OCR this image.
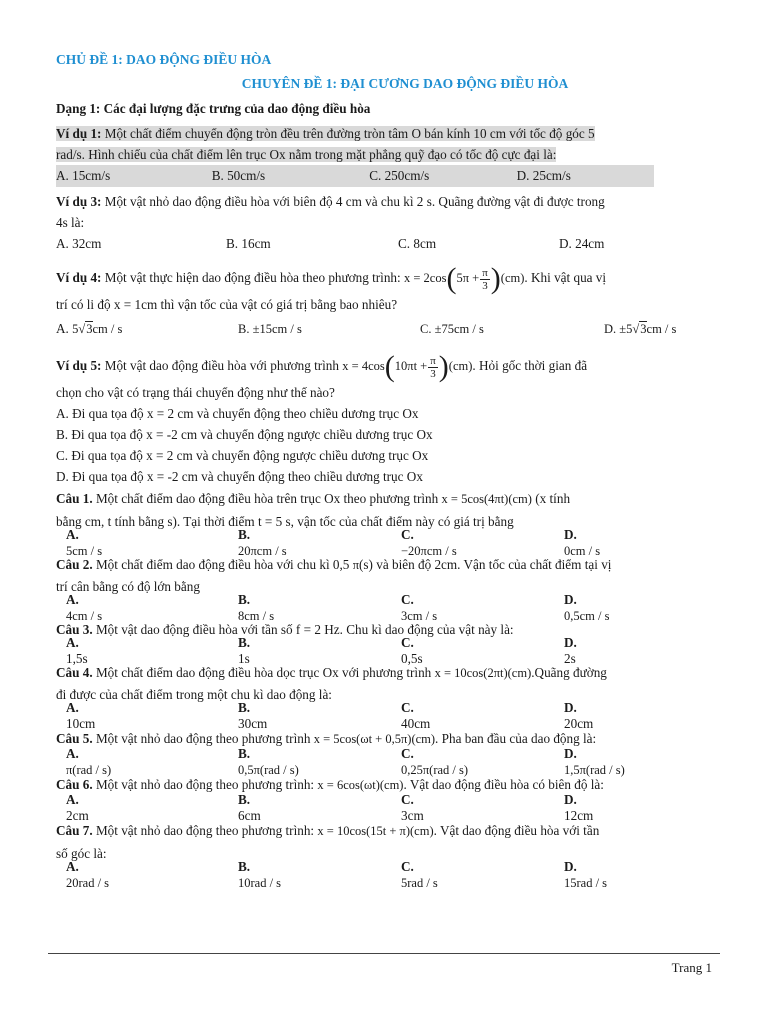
CHỦ ĐỀ 1: DAO ĐỘNG ĐIỀU HÒA

CHUYÊN ĐỀ 1: ĐẠI CƯƠNG DAO ĐỘNG ĐIỀU HÒA

Dạng 1: Các đại lượng đặc trưng của dao động điều hòa

Ví dụ 1: Một chất điểm chuyển động tròn đều trên đường tròn tâm O bán kính 10 cm với tốc độ góc 5

rad/s. Hình chiếu của chất điểm lên trục Ox nằm trong mặt phẳng quỹ đạo có tốc độ cực đại là:

A. 15cm/s	B. 50cm/s	C. 250cm/s	D. 25cm/s

Ví dụ 3: Một vật nhỏ dao động điều hòa với biên độ 4 cm và chu kì 2 s. Quãng đường vật đi được trong

4s là:

A. 32cm	B. 16cm	C. 8cm	D. 24cm

Ví dụ 4: Một vật thực hiện dao động điều hòa theo phương trình: $x = 2\cos(5\pi + \frac{\pi}{3} )(cm)$. Khi vật qua vị

trí có li độ x = 1cm thì vận tốc của vật có giá trị bằng bao nhiêu?

A. 5√3cm / s	B. ±15cm / s	C. ±75cm / s	D. ±5√3cm / s

Ví dụ 5: Một vật dao động điều hòa với phương trình $x = 4\cos(10\pi t + \frac{\pi}{3} )(cm)$. Hỏi gốc thời gian đã

chọn cho vật có trạng thái chuyển động như thế nào?

A. Đi qua tọa độ x = 2 cm và chuyển động theo chiều dương trục Ox

B. Đi qua tọa độ x = -2 cm và chuyển động ngược chiều dương trục Ox

C. Đi qua tọa độ x = 2 cm và chuyển động ngược chiều dương trục Ox

D. Đi qua tọa độ x = -2 cm và chuyển động theo chiều dương trục Ox

Câu 1. Một chất điểm dao động điều hòa trên trục Ox theo phương trình x = 5cos(4πt)(cm) (x tính

bằng cm, t tính bằng s). Tại thời điểm t = 5 s, vận tốc của chất điểm này có giá trị bằng

A. 5cm / s
B. 20πcm / s
C. −20πcm / s
D. 0cm / s

Câu 2. Một chất điểm dao động điều hòa với chu kì 0,5 π(s) và biên độ 2cm. Vận tốc của chất điểm tại vị

trí cân bằng có độ lớn bằng

A. 4cm / s
B. 8cm / s
C. 3cm / s
D. 0,5cm / s

Câu 3. Một vật dao động điều hòa với tần số f = 2 Hz. Chu kì dao động của vật này là:

A. 1,5s
B. 1s
C. 0,5s
D. 2s

Câu 4. Một chất điểm dao động điều hòa dọc trục Ox với phương trình x = 10cos(2πt)(cm).Quãng đường

đi được của chất điểm trong một chu kì dao động là:

A. 10cm
B. 30cm
C. 40cm
D. 20cm

Câu 5. Một vật nhỏ dao động theo phương trình x = 5cos(ωt + 0,5π)(cm). Pha ban đầu của dao động là:

A. π(rad / s)
B. 0,5π(rad / s)
C. 0,25π(rad / s)
D. 1,5π(rad / s)

Câu 6. Một vật nhỏ dao động theo phương trình: x = 6cos(ωt)(cm). Vật dao động điều hòa có biên độ là:

A. 2cm
B. 6cm
C. 3cm
D. 12cm

Câu 7. Một vật nhỏ dao động theo phương trình: x = 10cos(15t + π)(cm). Vật dao động điều hòa với tần

số góc là:

A. 20rad / s
B. 10rad / s
C. 5rad / s
D. 15rad / s
Trang 1
